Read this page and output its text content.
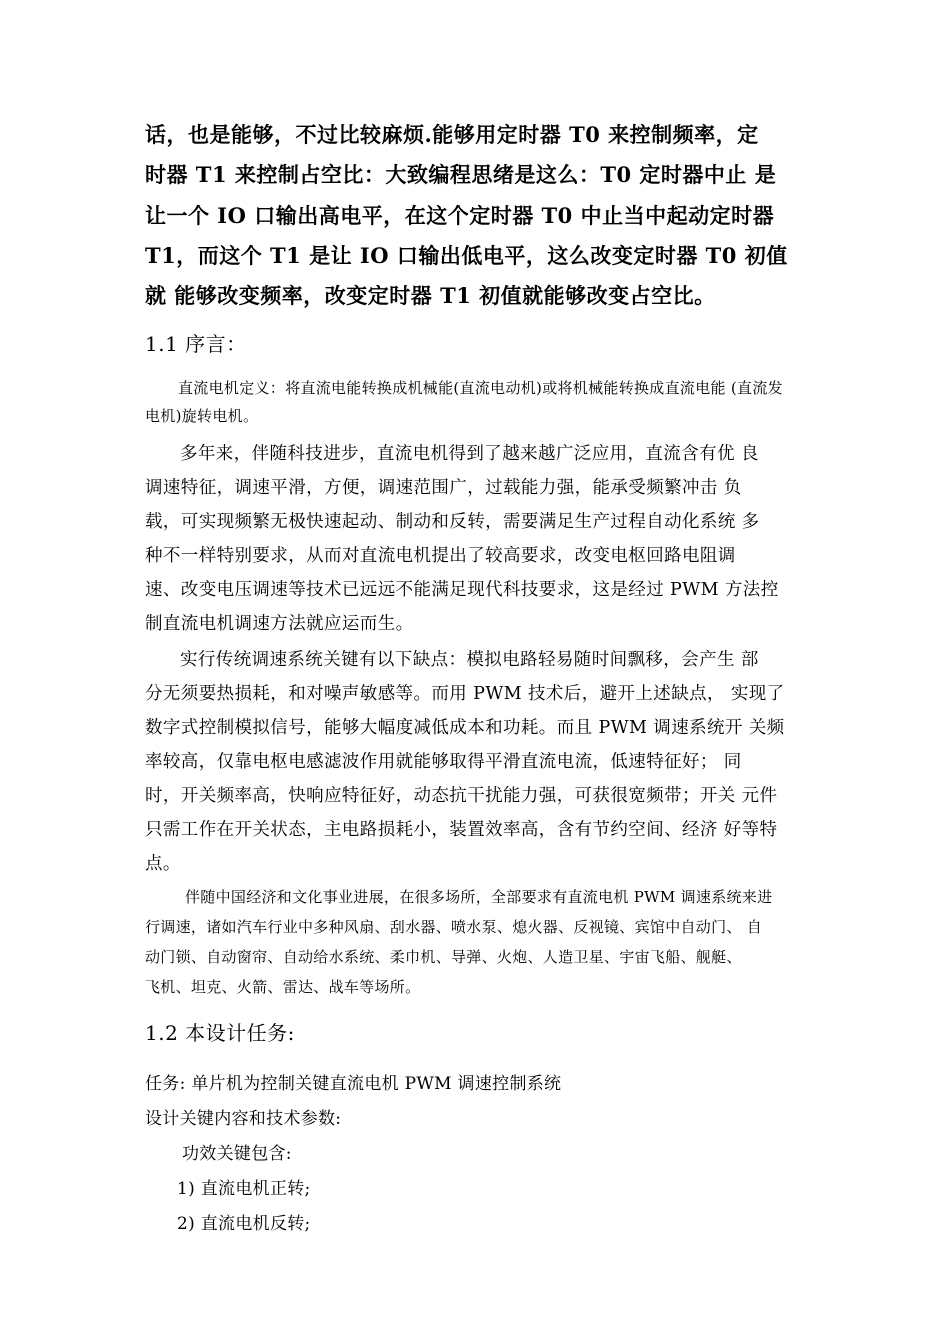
话，也是能够，不过比较麻烦.能够用定时器 T0 来控制频率，定

时器 T1 来控制占空比：大致编程思绪是这么：T0 定时器中止 是

让一个 IO 口输出高电平，在这个定时器 T0 中止当中起动定时器

T1，而这个 T1 是让 IO 口输出低电平，这么改变定时器 T0 初值

就 能够改变频率，改变定时器 T1 初值就能够改变占空比。

1.1 序言：

直流电机定义：将直流电能转换成机械能(直流电动机)或将机械能转换成直流电能 (直流发

电机)旋转电机。

多年来，伴随科技进步，直流电机得到了越来越广泛应用，直流含有优 良

调速特征，调速平滑，方便，调速范围广，过载能力强，能承受频繁冲击 负

载，可实现频繁无极快速起动、制动和反转，需要满足生产过程自动化系统 多

种不一样特别要求，从而对直流电机提出了较高要求，改变电枢回路电阻调

速、改变电压调速等技术已远远不能满足现代科技要求，这是经过 PWM 方法控

制直流电机调速方法就应运而生。

实行传统调速系统关键有以下缺点：模拟电路轻易随时间飘移，会产生 部

分无须要热损耗，和对噪声敏感等。而用 PWM 技术后，避开上述缺点， 实现了

数字式控制模拟信号，能够大幅度减低成本和功耗。而且 PWM 调速系统开 关频

率较高，仅靠电枢电感滤波作用就能够取得平滑直流电流，低速特征好； 同

时，开关频率高，快响应特征好，动态抗干扰能力强，可获很宽频带；开关 元件

只需工作在开关状态，主电路损耗小，装置效率高，含有节约空间、经济 好等特

点。

伴随中国经济和文化事业进展，在很多场所，全部要求有直流电机 PWM 调速系统来进

行调速，诸如汽车行业中多种风扇、刮水器、喷水泵、熄火器、反视镜、宾馆中自动门、 自

动门锁、自动窗帘、自动给水系统、柔巾机、导弹、火炮、人造卫星、宇宙飞船、舰艇、

飞机、坦克、火箭、雷达、战车等场所。

1.2 本设计任务:

任务: 单片机为控制关键直流电机 PWM 调速控制系统

设计关键内容和技术参数:

功效关键包含:

1) 直流电机正转;

2) 直流电机反转;
